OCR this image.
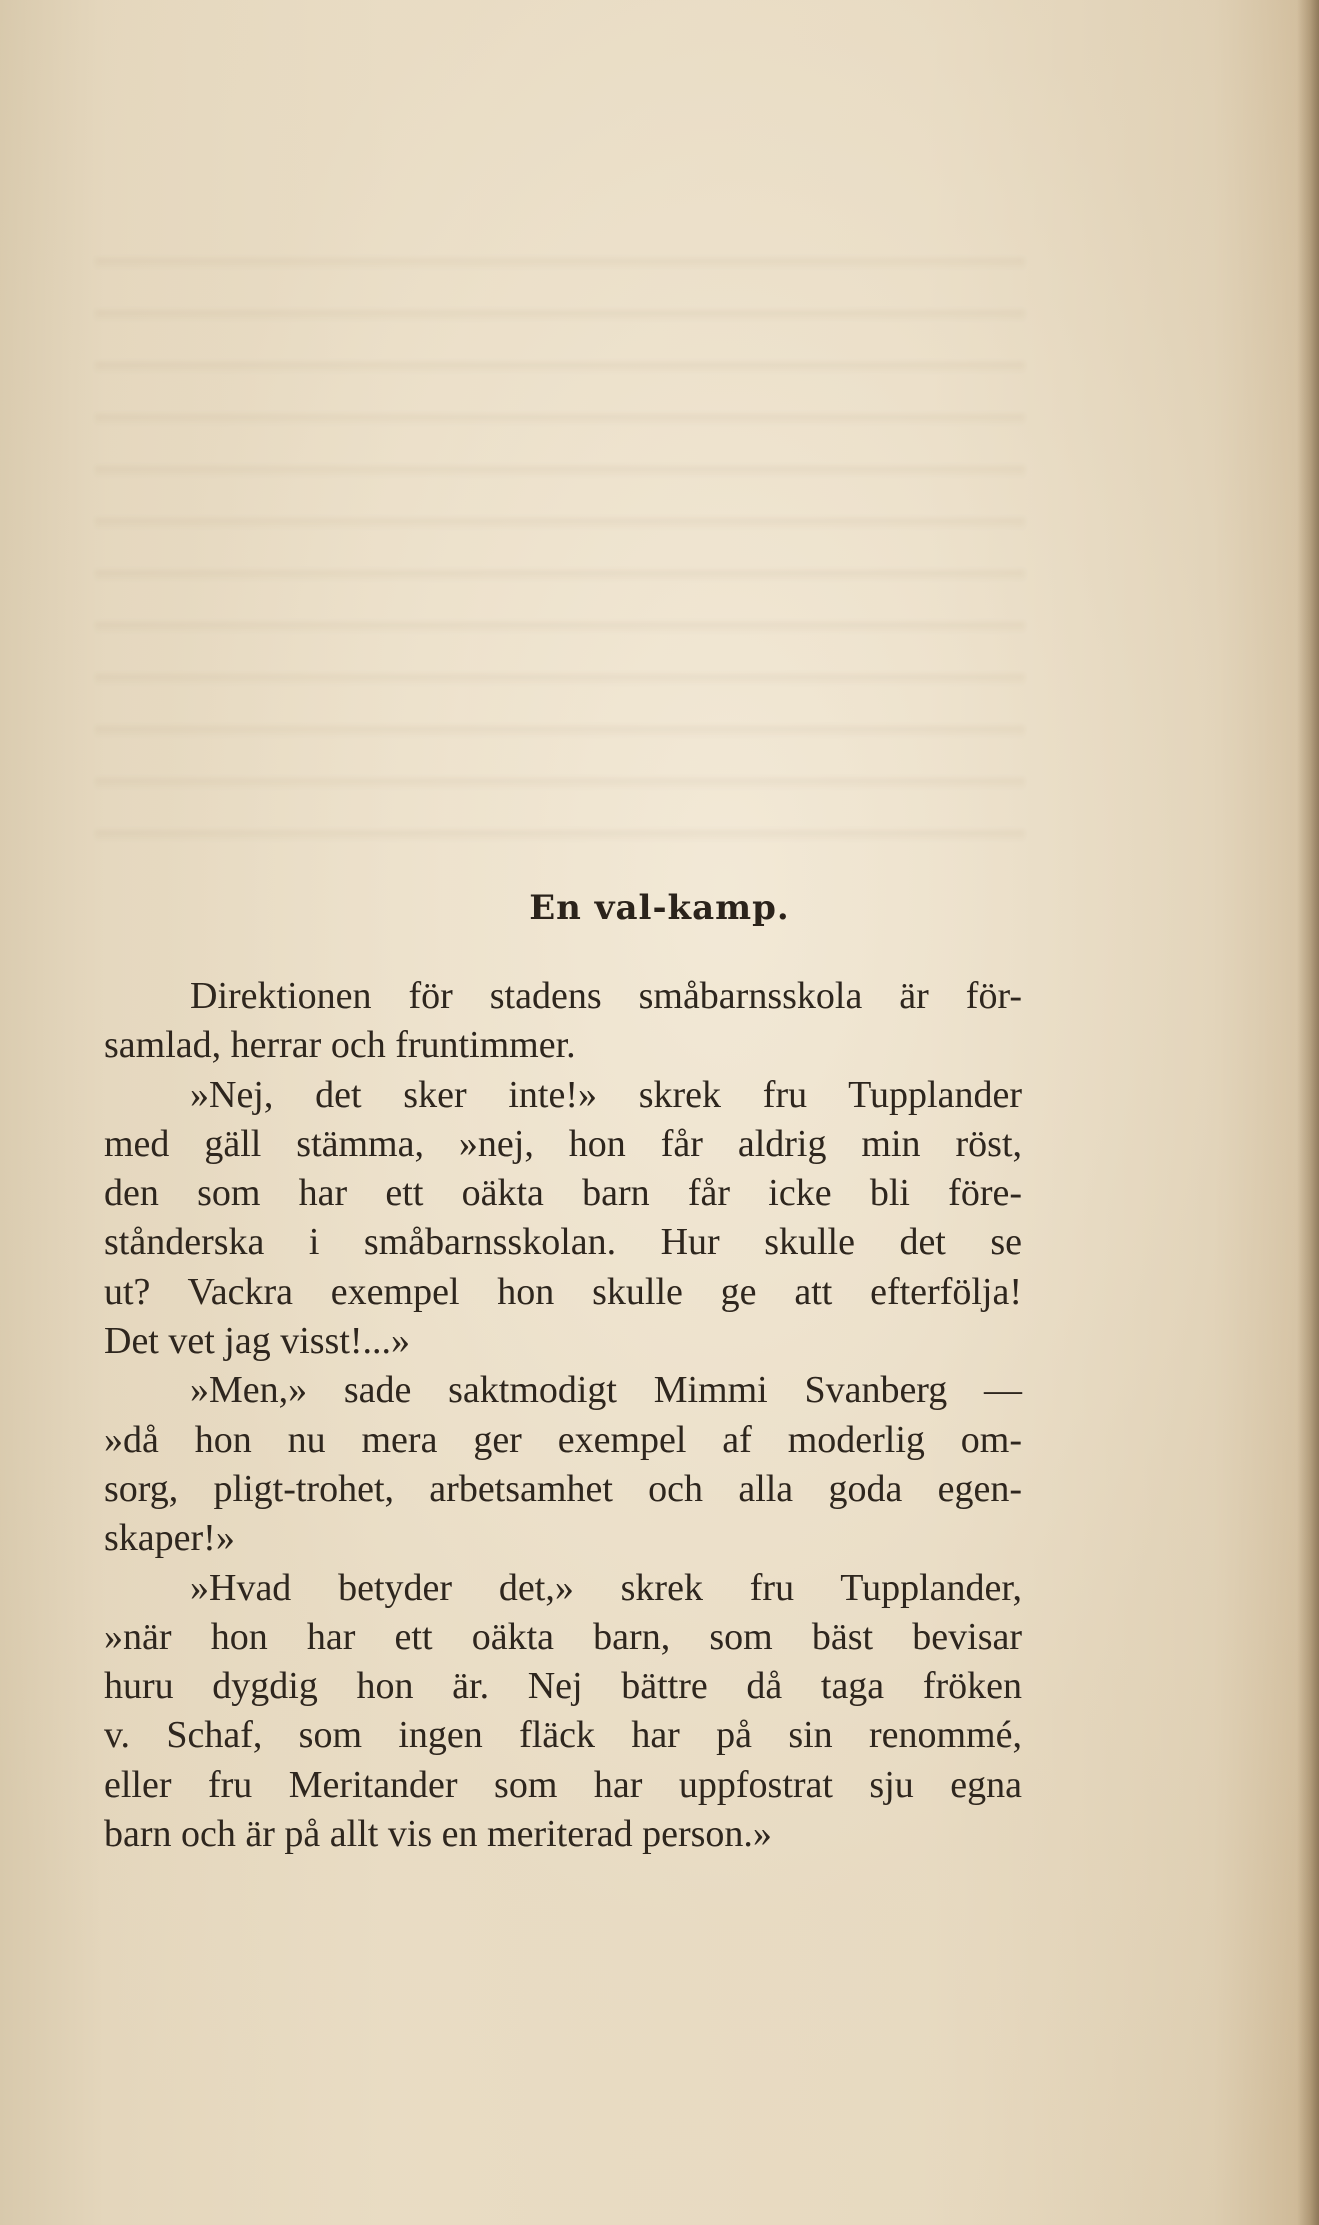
En val-kamp.
Direktionen för stadens småbarnsskola är för-
samlad, herrar och fruntimmer.
»Nej, det sker inte!» skrek fru Tupplander
med gäll stämma, »nej, hon får aldrig min röst,
den som har ett oäkta barn får icke bli före-
stånderska i småbarnsskolan. Hur skulle det se
ut? Vackra exempel hon skulle ge att efterfölja!
Det vet jag visst!...»
»Men,» sade saktmodigt Mimmi Svanberg —
»då hon nu mera ger exempel af moderlig om-
sorg, pligt-trohet, arbetsamhet och alla goda egen-
skaper!»
»Hvad betyder det,» skrek fru Tupplander,
»när hon har ett oäkta barn, som bäst bevisar
huru dygdig hon är. Nej bättre då taga fröken
v. Schaf, som ingen fläck har på sin renommé,
eller fru Meritander som har uppfostrat sju egna
barn och är på allt vis en meriterad person.»
